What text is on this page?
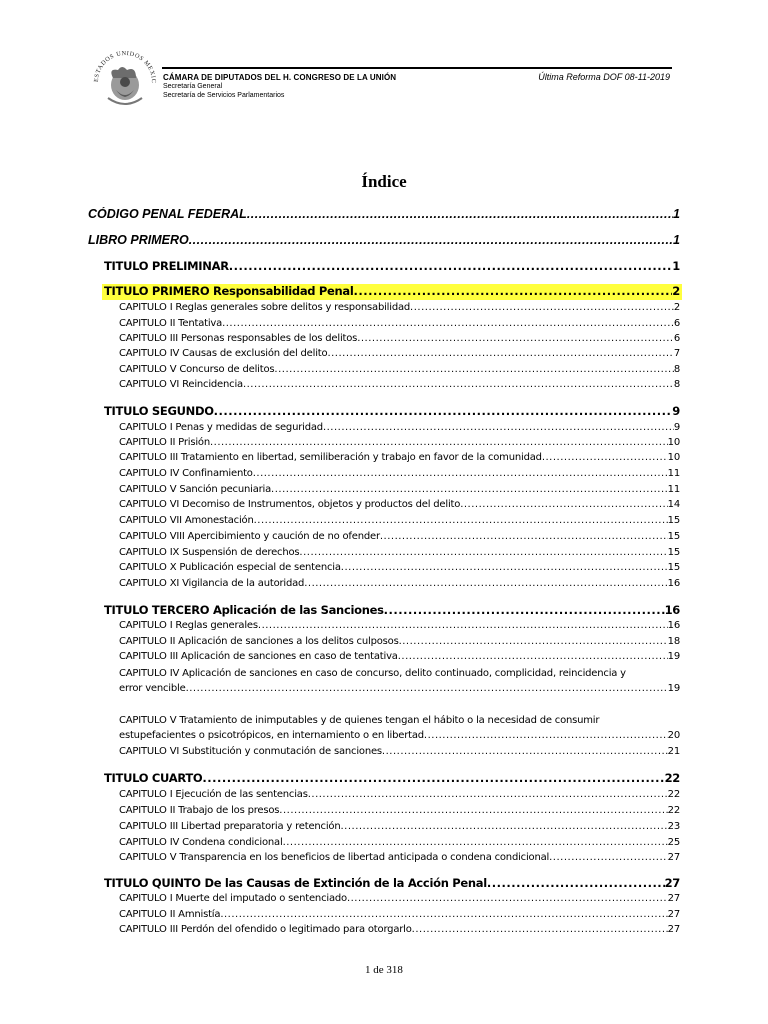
ESTADOS UNIDOS MEXIC CÁMARA DE DIPUTADOS DEL H. CONGRESO DE LA UNIÓN
Secretaría General
Secretaría de Servicios Parlamentarios
Última Reforma DOF 08-11-2019
Índice
CÓDIGO PENAL FEDERAL .....	1
LIBRO PRIMERO .....	1
TITULO PRELIMINAR .....	1
TITULO PRIMERO Responsabilidad Penal .....	2
CAPITULO I Reglas generales sobre delitos y responsabilidad .....	2
CAPITULO II Tentativa .....	6
CAPITULO III Personas responsables de los delitos .....	6
CAPITULO IV Causas de exclusión del delito .....	7
CAPITULO V Concurso de delitos .....	8
CAPITULO VI Reincidencia .....	8
TITULO SEGUNDO .....	9
CAPITULO I Penas y medidas de seguridad .....	9
CAPITULO II Prisión .....	10
CAPITULO III Tratamiento en libertad, semiliberación y trabajo en favor de la comunidad .....	10
CAPITULO IV Confinamiento .....	11
CAPITULO V Sanción pecuniaria .....	11
CAPITULO VI Decomiso de Instrumentos, objetos y productos del delito .....	14
CAPITULO VII Amonestación .....	15
CAPITULO VIII Apercibimiento y caución de no ofender .....	15
CAPITULO IX Suspensión de derechos .....	15
CAPITULO X Publicación especial de sentencia .....	15
CAPITULO XI Vigilancia de la autoridad .....	16
TITULO TERCERO Aplicación de las Sanciones .....	16
CAPITULO I Reglas generales .....	16
CAPITULO II Aplicación de sanciones a los delitos culposos .....	18
CAPITULO III Aplicación de sanciones en caso de tentativa .....	19
CAPITULO IV Aplicación de sanciones en caso de concurso, delito continuado, complicidad, reincidencia y
error vencible .....	19
CAPITULO V Tratamiento de inimputables y de quienes tengan el hábito o la necesidad de consumir
estupefacientes o psicotrópicos, en internamiento o en libertad .....	20
CAPITULO VI Substitución y conmutación de sanciones .....	21
TITULO CUARTO .....	22
CAPITULO I Ejecución de las sentencias .....	22
CAPITULO II Trabajo de los presos .....	22
CAPITULO III Libertad preparatoria y retención .....	23
CAPITULO IV Condena condicional .....	25
CAPITULO V Transparencia en los beneficios de libertad anticipada o condena condicional .....	27
TITULO QUINTO De las Causas de Extinción de la Acción Penal .....	27
CAPITULO I Muerte del imputado o sentenciado .....	27
CAPITULO II Amnistía .....	27
CAPITULO III Perdón del ofendido o legitimado para otorgarlo .....	27
1 de 318
